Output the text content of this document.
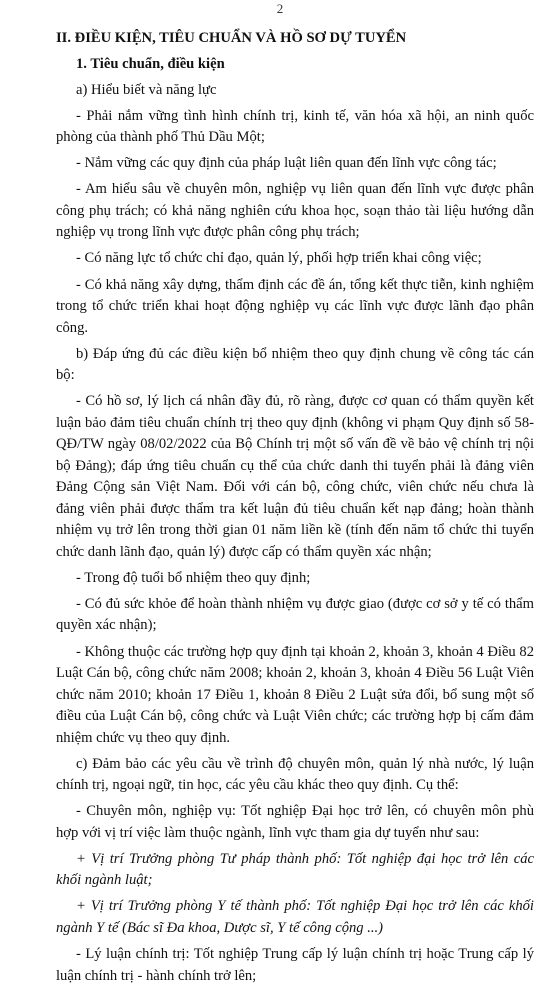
2

II. ĐIỀU KIỆN, TIÊU CHUẨN VÀ HỒ SƠ DỰ TUYỂN

1. Tiêu chuẩn, điều kiện

a) Hiểu biết và năng lực

- Phải nắm vững tình hình chính trị, kinh tế, văn hóa xã hội, an ninh quốc phòng của thành phố Thủ Dầu Một;

- Nắm vững các quy định của pháp luật liên quan đến lĩnh vực công tác;

- Am hiểu sâu về chuyên môn, nghiệp vụ liên quan đến lĩnh vực được phân công phụ trách; có khả năng nghiên cứu khoa học, soạn thảo tài liệu hướng dẫn nghiệp vụ trong lĩnh vực được phân công phụ trách;

- Có năng lực tổ chức chỉ đạo, quản lý, phối hợp triển khai công việc;

- Có khả năng xây dựng, thẩm định các đề án, tổng kết thực tiễn, kinh nghiệm trong tổ chức triển khai hoạt động nghiệp vụ các lĩnh vực được lãnh đạo phân công.

b) Đáp ứng đủ các điều kiện bổ nhiệm theo quy định chung về công tác cán bộ:

- Có hồ sơ, lý lịch cá nhân đầy đủ, rõ ràng, được cơ quan có thẩm quyền kết luận bảo đảm tiêu chuẩn chính trị theo quy định (không vi phạm Quy định số 58-QĐ/TW ngày 08/02/2022 của Bộ Chính trị một số vấn đề về bảo vệ chính trị nội bộ Đảng); đáp ứng tiêu chuẩn cụ thể của chức danh thi tuyển phải là đảng viên Đảng Cộng sản Việt Nam. Đối với cán bộ, công chức, viên chức nếu chưa là đảng viên phải được thẩm tra kết luận đủ tiêu chuẩn kết nạp đảng; hoàn thành nhiệm vụ trở lên trong thời gian 01 năm liền kề (tính đến năm tổ chức thi tuyển chức danh lãnh đạo, quản lý) được cấp có thẩm quyền xác nhận;

- Trong độ tuổi bổ nhiệm theo quy định;

- Có đủ sức khỏe để hoàn thành nhiệm vụ được giao (được cơ sở y tế có thẩm quyền xác nhận);

- Không thuộc các trường hợp quy định tại khoản 2, khoản 3, khoản 4 Điều 82 Luật Cán bộ, công chức năm 2008; khoản 2, khoản 3, khoản 4 Điều 56 Luật Viên chức năm 2010; khoản 17 Điều 1, khoản 8 Điều 2 Luật sửa đổi, bổ sung một số điều của Luật Cán bộ, công chức và Luật Viên chức; các trường hợp bị cấm đảm nhiệm chức vụ theo quy định.

c) Đảm bảo các yêu cầu về trình độ chuyên môn, quản lý nhà nước, lý luận chính trị, ngoại ngữ, tin học, các yêu cầu khác theo quy định. Cụ thể:

- Chuyên môn, nghiệp vụ: Tốt nghiệp Đại học trở lên, có chuyên môn phù hợp với vị trí việc làm thuộc ngành, lĩnh vực tham gia dự tuyển như sau:

+ Vị trí Trưởng phòng Tư pháp thành phố: Tốt nghiệp đại học trở lên các khối ngành luật;

+ Vị trí Trưởng phòng Y tế thành phố: Tốt nghiệp Đại học trở lên các khối ngành Y tế (Bác sĩ Đa khoa, Dược sĩ, Y tế công cộng ...)

- Lý luận chính trị: Tốt nghiệp Trung cấp lý luận chính trị hoặc Trung cấp lý luận chính trị - hành chính trở lên;
